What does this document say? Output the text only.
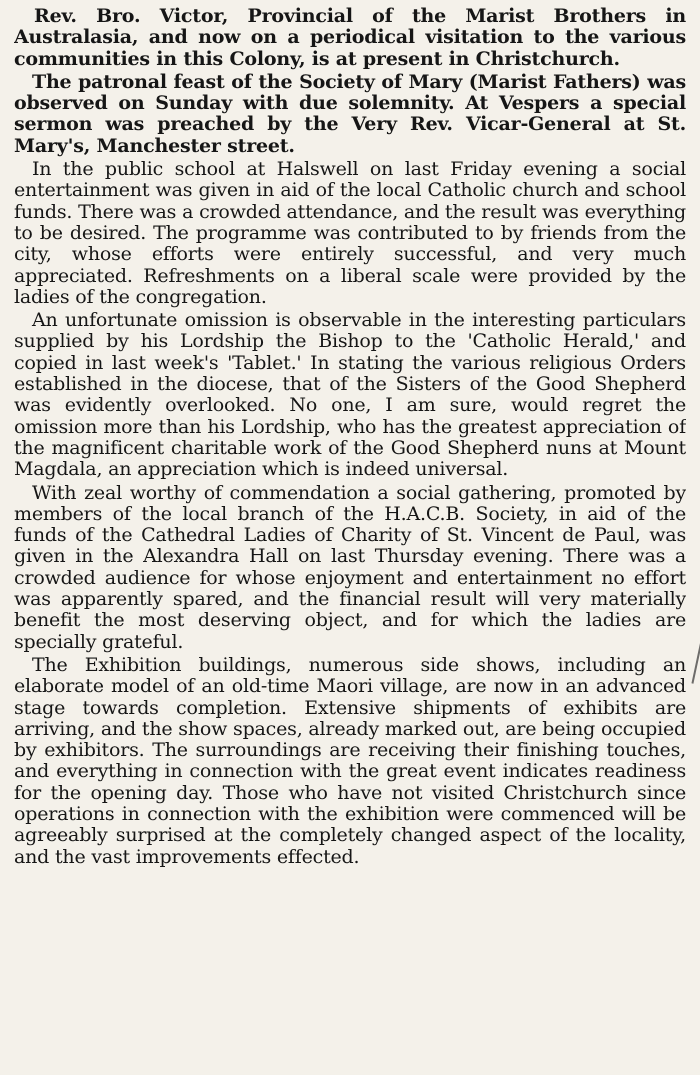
Rev. Bro. Victor, Provincial of the Marist Brothers in Australasia, and now on a periodical visitation to the various communities in this Colony, is at present in Christchurch.

The patronal feast of the Society of Mary (Marist Fathers) was observed on Sunday with due solemnity. At Vespers a special sermon was preached by the Very Rev. Vicar-General at St. Mary's, Manchester street.

In the public school at Halswell on last Friday evening a social entertainment was given in aid of the local Catholic church and school funds. There was a crowded attendance, and the result was everything to be desired. The programme was contributed to by friends from the city, whose efforts were entirely successful, and very much appreciated. Refreshments on a liberal scale were provided by the ladies of the congregation.

An unfortunate omission is observable in the interesting particulars supplied by his Lordship the Bishop to the 'Catholic Herald,' and copied in last week's 'Tablet.' In stating the various religious Orders established in the diocese, that of the Sisters of the Good Shepherd was evidently overlooked. No one, I am sure, would regret the omission more than his Lordship, who has the greatest appreciation of the magnificent charitable work of the Good Shepherd nuns at Mount Magdala, an appreciation which is indeed universal.

With zeal worthy of commendation a social gathering, promoted by members of the local branch of the H.A.C.B. Society, in aid of the funds of the Cathedral Ladies of Charity of St. Vincent de Paul, was given in the Alexandra Hall on last Thursday evening. There was a crowded audience for whose enjoyment and entertainment no effort was apparently spared, and the financial result will very materially benefit the most deserving object, and for which the ladies are specially grateful.

The Exhibition buildings, numerous side shows, including an elaborate model of an old-time Maori village, are now in an advanced stage towards completion. Extensive shipments of exhibits are arriving, and the show spaces, already marked out, are being occupied by exhibitors. The surroundings are receiving their finishing touches, and everything in connection with the great event indicates readiness for the opening day. Those who have not visited Christchurch since operations in connection with the exhibition were commenced will be agreeably surprised at the completely changed aspect of the locality, and the vast improvements effected.
